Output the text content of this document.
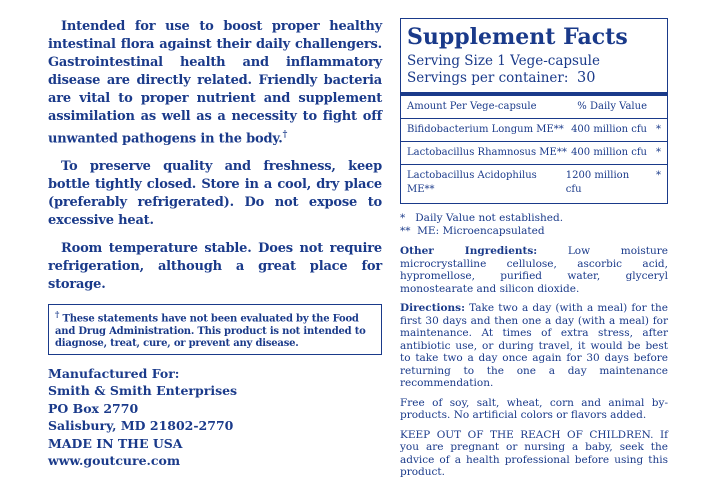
Intended for use to boost proper healthy intestinal flora against their daily challengers. Gastrointestinal health and inflammatory disease are directly related. Friendly bacteria are vital to proper nutrient and supplement assimilation as well as a necessity to fight off unwanted pathogens in the body.†

To preserve quality and freshness, keep bottle tightly closed. Store in a cool, dry place (preferably refrigerated). Do not expose to excessive heat.

Room temperature stable. Does not require refrigeration, although a great place for storage.

† These statements have not been evaluated by the Food and Drug Administration. This product is not intended to diagnose, treat, cure, or prevent any disease.
Manufactured For:
Smith & Smith Enterprises
PO Box 2770
Salisbury, MD 21802-2770
MADE IN THE USA
www.goutcure.com
Supplement Facts
Serving Size 1 Vege-capsule
Servings per container: 30
Amount Per Vege-capsule	% Daily Value
Bifidobacterium Longum ME** 400 million cfu *
Lactobacillus Rhamnosus ME** 400 million cfu *
Lactobacillus Acidophilus ME**
1200 million cfu
*
*   Daily Value not established.
**  ME: Microencapsulated

Other Ingredients: Low moisture microcrystalline cellulose, ascorbic acid, hypromellose, purified water, glyceryl monostearate and silicon dioxide.

Directions: Take two a day (with a meal) for the first 30 days and then one a day (with a meal) for maintenance. At times of extra stress, after antibiotic use, or during travel, it would be best to take two a day once again for 30 days before returning to the one a day maintenance recommendation.

Free of soy, salt, wheat, corn and animal by-products. No artificial colors or flavors added.

KEEP OUT OF THE REACH OF CHILDREN. If you are pregnant or nursing a baby, seek the advice of a health professional before using this product.
